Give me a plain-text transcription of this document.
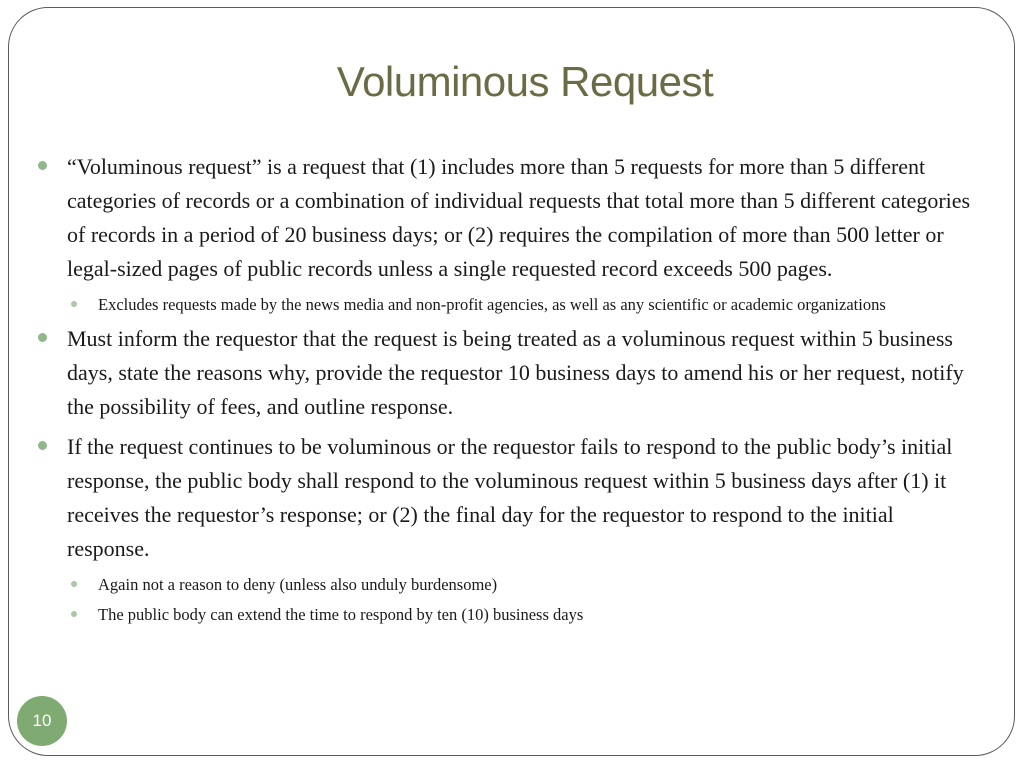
Voluminous Request
“Voluminous request” is a request that (1) includes more than 5 requests for more than 5 different categories of records or a combination of individual requests that total more than 5 different categories of records in a period of 20 business days; or (2) requires the compilation of more than 500 letter or legal-sized pages of public records unless a single requested record exceeds 500 pages.
Excludes requests made by the news media and non-profit agencies, as well as any scientific or academic organizations
Must inform the requestor that the request is being treated as a voluminous request within 5 business days, state the reasons why, provide the requestor 10 business days to amend his or her request, notify the possibility of fees, and outline response.
If the request continues to be voluminous or the requestor fails to respond to the public body’s initial response, the public body shall respond to the voluminous request within 5 business days after (1) it receives the requestor’s response; or (2) the final day for the requestor to respond to the initial response.
Again not a reason to deny (unless also unduly burdensome)
The public body can extend the time to respond by ten (10) business days
10
